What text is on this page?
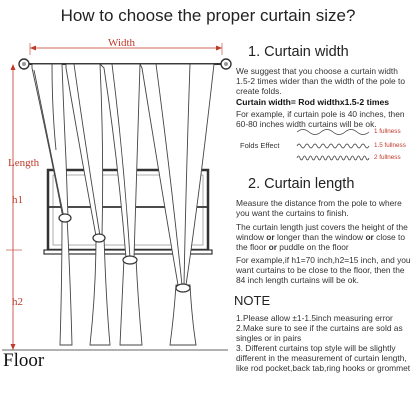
How to choose the proper curtain size?
Width
Length
h1
h2
Floor
1. Curtain width
We suggest that you choose a curtain width 1.5-2 times wider than the width of the pole to create folds.
Curtain width= Rod widthx1.5-2 times
For example, if curtain pole is 40 inches, then 60-80 inches width curtains will be ok.
Folds Effect
1 fullness
1.5 fullness
2 fullness
2. Curtain length
Measure the distance from the pole to where you want the curtains to finish.
The curtain length just covers the height of the window or longer than the window or close to the floor or puddle on the floor
For example,if h1=70 inch,h2=15 inch, and you want curtains to be close to the floor, then the 84 inch length curtains will be ok.
NOTE
1.Please allow ±1-1.5inch measuring error
2.Make sure to see if the curtains are sold as singles or in pairs
3. Different curtains top style will be slightly different in the measurement of curtain length, like rod pocket,back tab,ring hooks or grommet
